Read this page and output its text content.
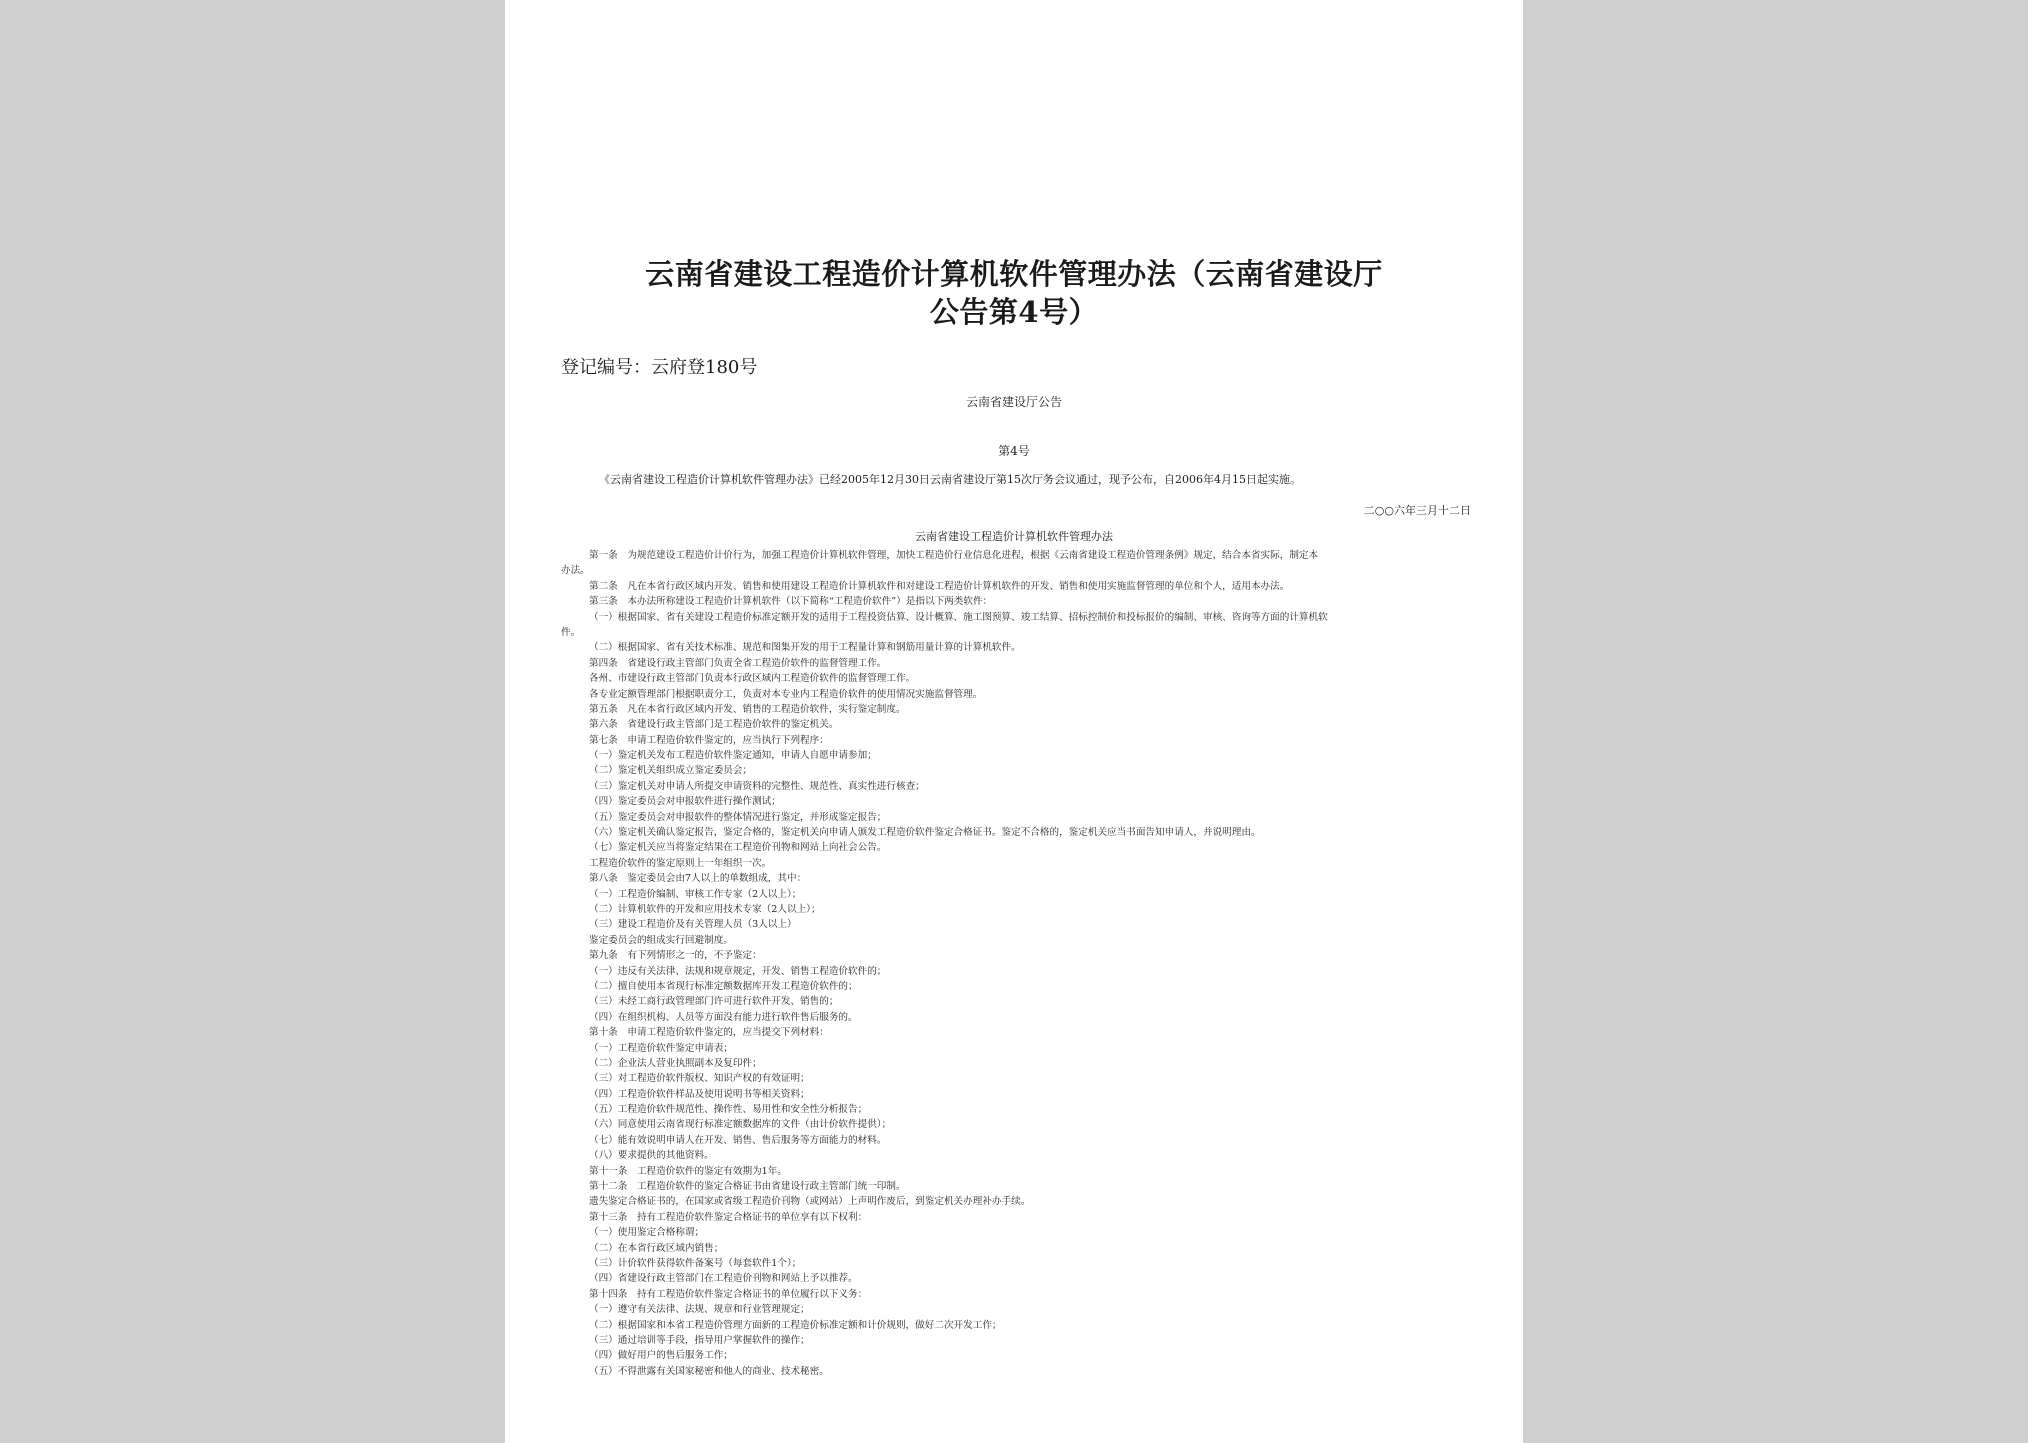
云南省建设工程造价计算机软件管理办法（云南省建设厅
公告第4号）
登记编号：云府登180号
云南省建设厅公告
第4号
《云南省建设工程造价计算机软件管理办法》已经2005年12月30日云南省建设厅第15次厅务会议通过，现予公布，自2006年4月15日起实施。
二○○六年三月十二日
云南省建设工程造价计算机软件管理办法
第一条　为规范建设工程造价计价行为，加强工程造价计算机软件管理，加快工程造价行业信息化进程，根据《云南省建设工程造价管理条例》规定，结合本省实际，制定本
办法。
第二条　凡在本省行政区域内开发、销售和使用建设工程造价计算机软件和对建设工程造价计算机软件的开发、销售和使用实施监督管理的单位和个人，适用本办法。
第三条　本办法所称建设工程造价计算机软件（以下简称“工程造价软件”）是指以下两类软件：
（一）根据国家、省有关建设工程造价标准定额开发的适用于工程投资估算、设计概算、施工图预算、竣工结算、招标控制价和投标报价的编制、审核、咨询等方面的计算机软
件。
（二）根据国家、省有关技术标准、规范和图集开发的用于工程量计算和钢筋用量计算的计算机软件。
第四条　省建设行政主管部门负责全省工程造价软件的监督管理工作。
各州、市建设行政主管部门负责本行政区域内工程造价软件的监督管理工作。
各专业定额管理部门根据职责分工，负责对本专业内工程造价软件的使用情况实施监督管理。
第五条　凡在本省行政区域内开发、销售的工程造价软件，实行鉴定制度。
第六条　省建设行政主管部门是工程造价软件的鉴定机关。
第七条　申请工程造价软件鉴定的，应当执行下列程序：
（一）鉴定机关发布工程造价软件鉴定通知，申请人自愿申请参加；
（二）鉴定机关组织成立鉴定委员会；
（三）鉴定机关对申请人所提交申请资料的完整性、规范性、真实性进行核查；
（四）鉴定委员会对申报软件进行操作测试；
（五）鉴定委员会对申报软件的整体情况进行鉴定，并形成鉴定报告；
（六）鉴定机关确认鉴定报告，鉴定合格的，鉴定机关向申请人颁发工程造价软件鉴定合格证书。鉴定不合格的，鉴定机关应当书面告知申请人，并说明理由。
（七）鉴定机关应当将鉴定结果在工程造价刊物和网站上向社会公告。
工程造价软件的鉴定原则上一年组织一次。
第八条　鉴定委员会由7人以上的单数组成，其中：
（一）工程造价编制、审核工作专家（2人以上）；
（二）计算机软件的开发和应用技术专家（2人以上）；
（三）建设工程造价及有关管理人员（3人以上）
鉴定委员会的组成实行回避制度。
第九条　有下列情形之一的，不予鉴定：
（一）违反有关法律、法规和规章规定，开发、销售工程造价软件的；
（二）擅自使用本省现行标准定额数据库开发工程造价软件的；
（三）未经工商行政管理部门许可进行软件开发、销售的；
（四）在组织机构、人员等方面没有能力进行软件售后服务的。
第十条　申请工程造价软件鉴定的，应当提交下列材料：
（一）工程造价软件鉴定申请表；
（二）企业法人营业执照副本及复印件；
（三）对工程造价软件版权、知识产权的有效证明；
（四）工程造价软件样品及使用说明书等相关资料；
（五）工程造价软件规范性、操作性、易用性和安全性分析报告；
（六）同意使用云南省现行标准定额数据库的文件（由计价软件提供）；
（七）能有效说明申请人在开发、销售、售后服务等方面能力的材料。
（八）要求提供的其他资料。
第十一条　工程造价软件的鉴定有效期为1年。
第十二条　工程造价软件的鉴定合格证书由省建设行政主管部门统一印制。
遗失鉴定合格证书的，在国家或省级工程造价刊物（或网站）上声明作废后，到鉴定机关办理补办手续。
第十三条　持有工程造价软件鉴定合格证书的单位享有以下权利：
（一）使用鉴定合格称谓；
（二）在本省行政区域内销售；
（三）计价软件获得软件备案号（每套软件1个）；
（四）省建设行政主管部门在工程造价刊物和网站上予以推荐。
第十四条　持有工程造价软件鉴定合格证书的单位履行以下义务：
（一）遵守有关法律、法规、规章和行业管理规定；
（二）根据国家和本省工程造价管理方面新的工程造价标准定额和计价规则，做好二次开发工作；
（三）通过培训等手段，指导用户掌握软件的操作；
（四）做好用户的售后服务工作；
（五）不得泄露有关国家秘密和他人的商业、技术秘密。
